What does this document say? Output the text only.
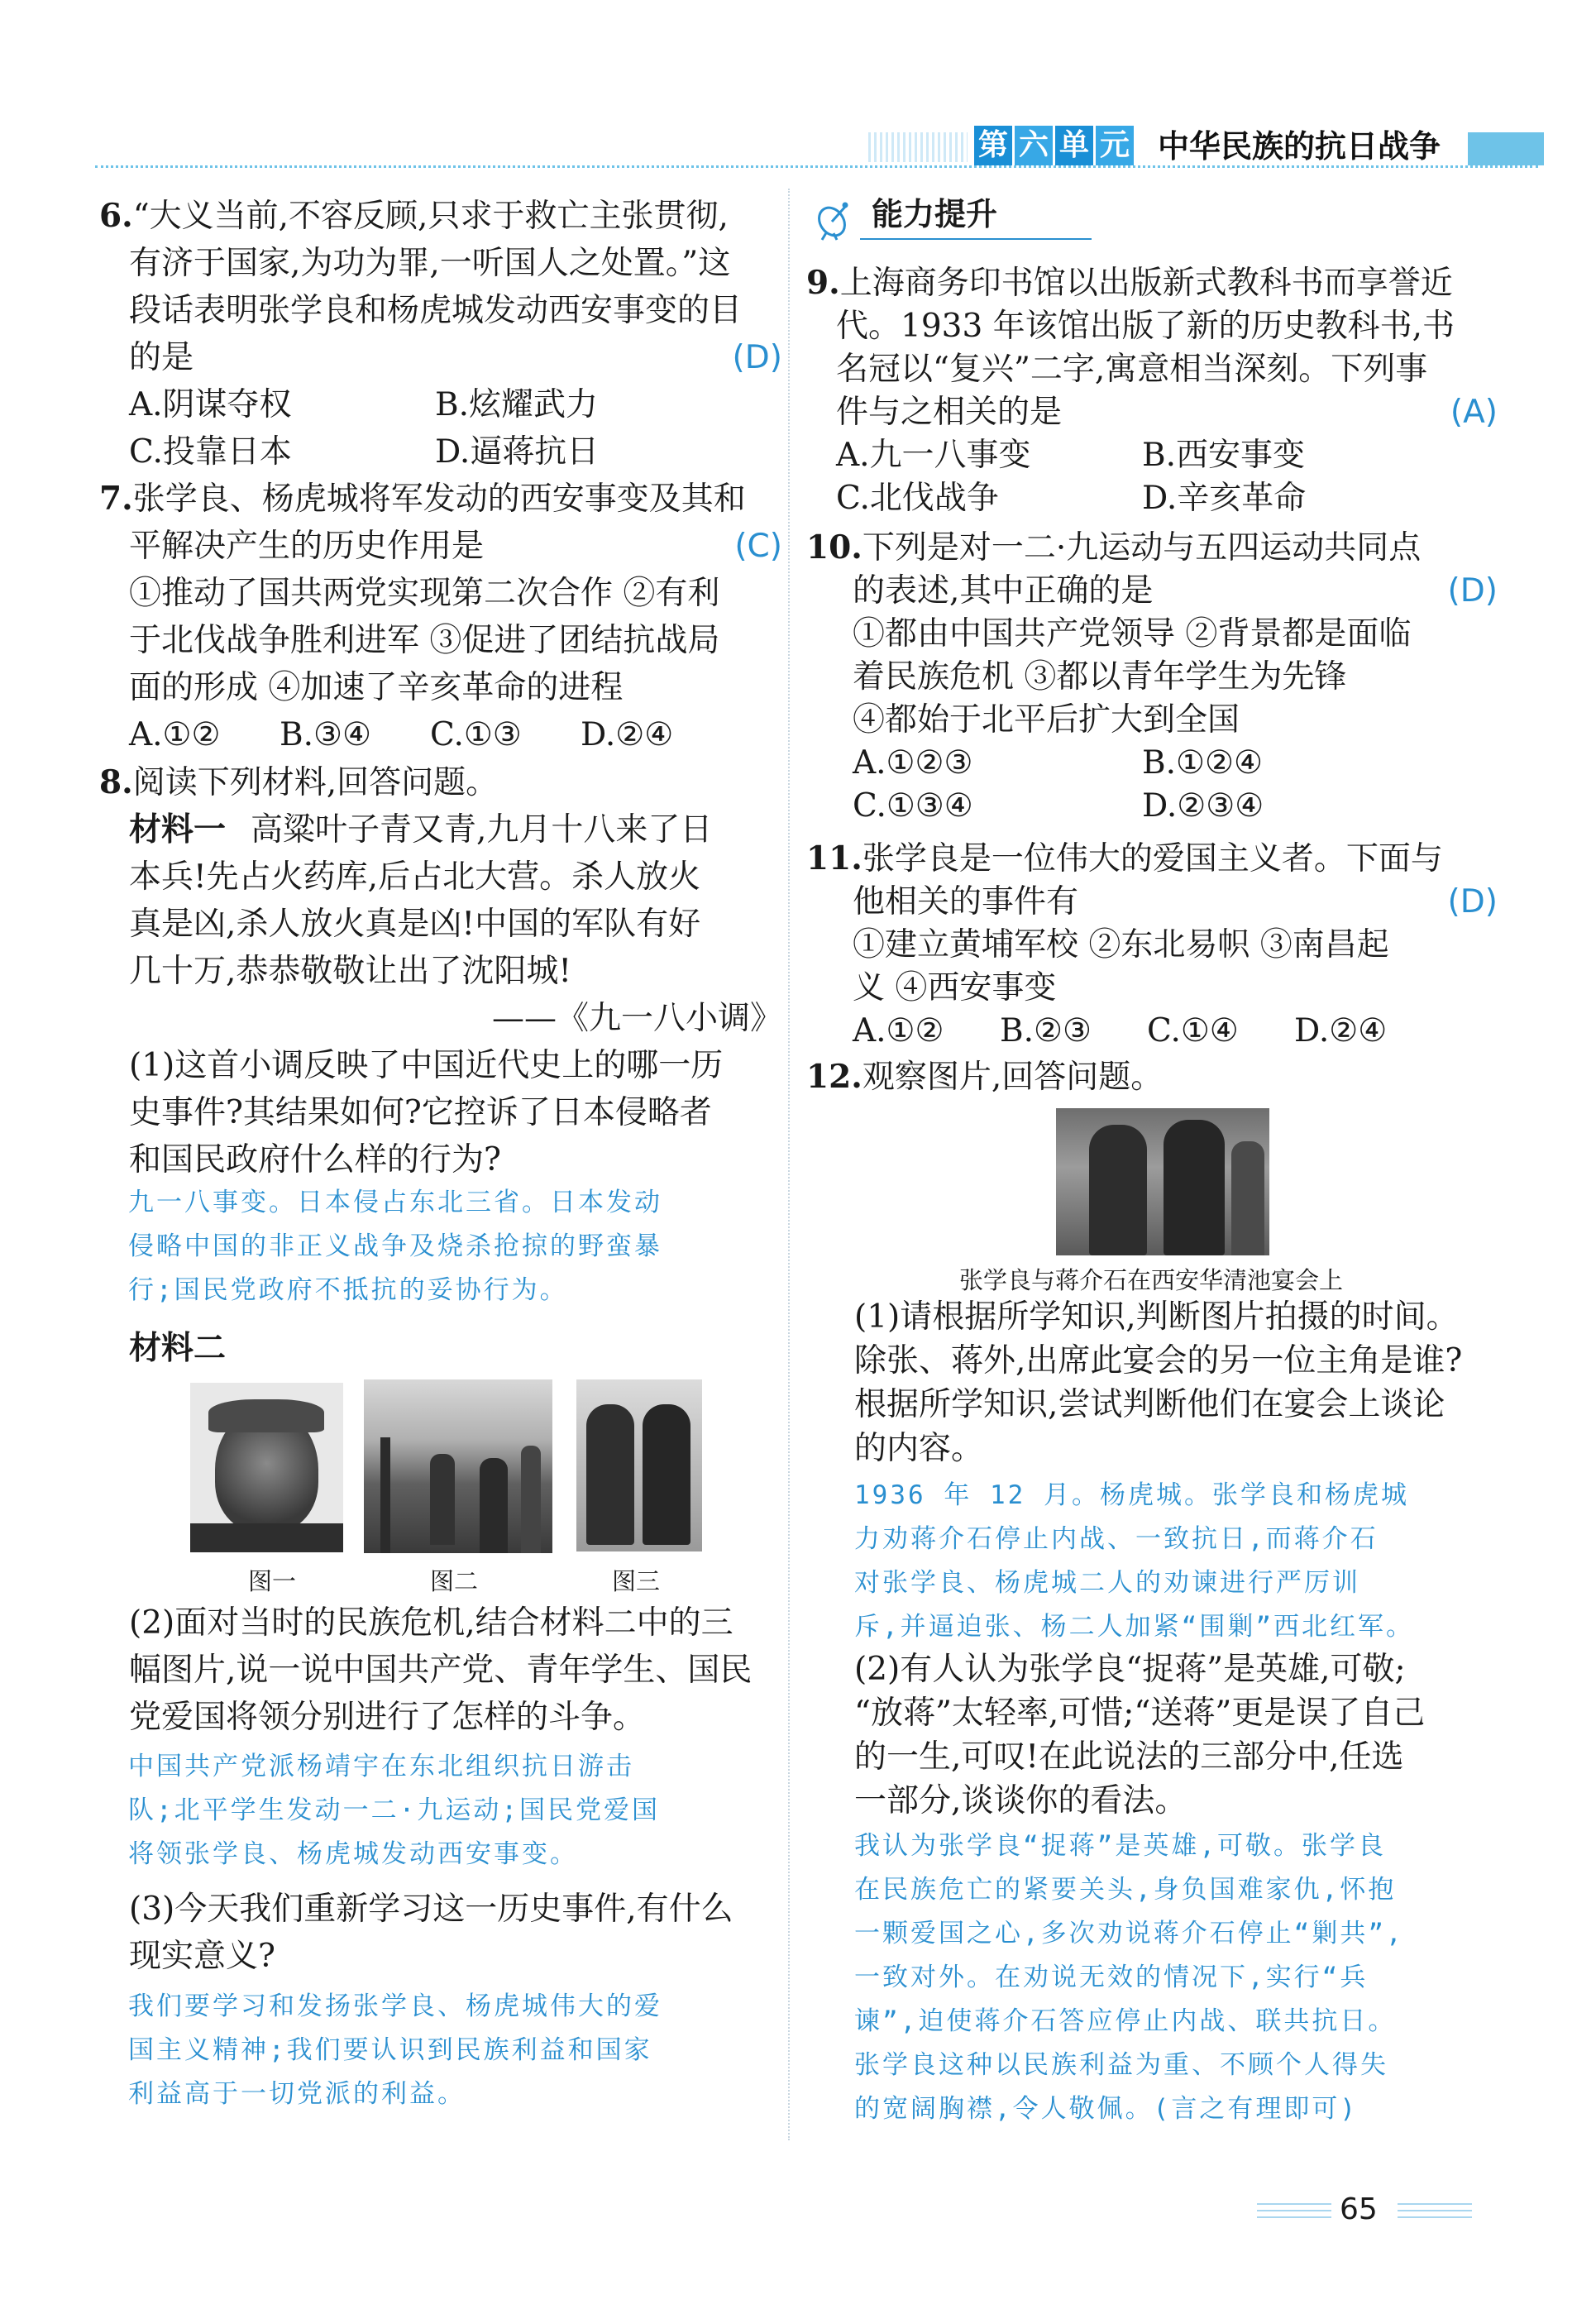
第 六 单 元 中华民族的抗日战争
6.“大义当前,不容反顾,只求于救亡主张贯彻,
有济于国家,为功为罪,一听国人之处置。”这
段话表明张学良和杨虎城发动西安事变的目
的是	(D)
A.阴谋夺权	B.炫耀武力
C.投靠日本	D.逼蒋抗日
7.张学良、杨虎城将军发动的西安事变及其和
平解决产生的历史作用是	(C)
①推动了国共两党实现第二次合作 ②有利
于北伐战争胜利进军 ③促进了团结抗战局
面的形成 ④加速了辛亥革命的进程
A.①②	B.③④	C.①③	D.②④
8.阅读下列材料,回答问题。
材料一 高粱叶子青又青,九月十八来了日
本兵!先占火药库,后占北大营。杀人放火
真是凶,杀人放火真是凶!中国的军队有好
几十万,恭恭敬敬让出了沈阳城!
——《九一八小调》
(1)这首小调反映了中国近代史上的哪一历
史事件?其结果如何?它控诉了日本侵略者
和国民政府什么样的行为?
九一八事变。日本侵占东北三省。日本发动
侵略中国的非正义战争及烧杀抢掠的野蛮暴
行;国民党政府不抵抗的妥协行为。
材料二
图一	图二	图三
(2)面对当时的民族危机,结合材料二中的三
幅图片,说一说中国共产党、青年学生、国民
党爱国将领分别进行了怎样的斗争。
中国共产党派杨靖宇在东北组织抗日游击
队;北平学生发动一二·九运动;国民党爱国
将领张学良、杨虎城发动西安事变。
(3)今天我们重新学习这一历史事件,有什么
现实意义?
我们要学习和发扬张学良、杨虎城伟大的爱
国主义精神;我们要认识到民族利益和国家
利益高于一切党派的利益。
能力提升
9.上海商务印书馆以出版新式教科书而享誉近
代。1933 年该馆出版了新的历史教科书,书
名冠以“复兴”二字,寓意相当深刻。下列事
件与之相关的是	(A)
A.九一八事变	B.西安事变
C.北伐战争	D.辛亥革命
10.下列是对一二·九运动与五四运动共同点
的表述,其中正确的是	(D)
①都由中国共产党领导 ②背景都是面临
着民族危机 ③都以青年学生为先锋
④都始于北平后扩大到全国
A.①②③	B.①②④
C.①③④	D.②③④
11.张学良是一位伟大的爱国主义者。下面与
他相关的事件有	(D)
①建立黄埔军校 ②东北易帜 ③南昌起
义 ④西安事变
A.①②	B.②③	C.①④	D.②④
12.观察图片,回答问题。
张学良与蒋介石在西安华清池宴会上
(1)请根据所学知识,判断图片拍摄的时间。
除张、蒋外,出席此宴会的另一位主角是谁?
根据所学知识,尝试判断他们在宴会上谈论
的内容。
1936 年 12 月。杨虎城。张学良和杨虎城
力劝蒋介石停止内战、一致抗日,而蒋介石
对张学良、杨虎城二人的劝谏进行严厉训
斥,并逼迫张、杨二人加紧“围剿”西北红军。
(2)有人认为张学良“捉蒋”是英雄,可敬;
“放蒋”太轻率,可惜;“送蒋”更是误了自己
的一生,可叹!在此说法的三部分中,任选
一部分,谈谈你的看法。
我认为张学良“捉蒋”是英雄,可敬。张学良
在民族危亡的紧要关头,身负国难家仇,怀抱
一颗爱国之心,多次劝说蒋介石停止“剿共”,
一致对外。在劝说无效的情况下,实行“兵
谏”,迫使蒋介石答应停止内战、联共抗日。
张学良这种以民族利益为重、不顾个人得失
的宽阔胸襟,令人敬佩。(言之有理即可)
65
